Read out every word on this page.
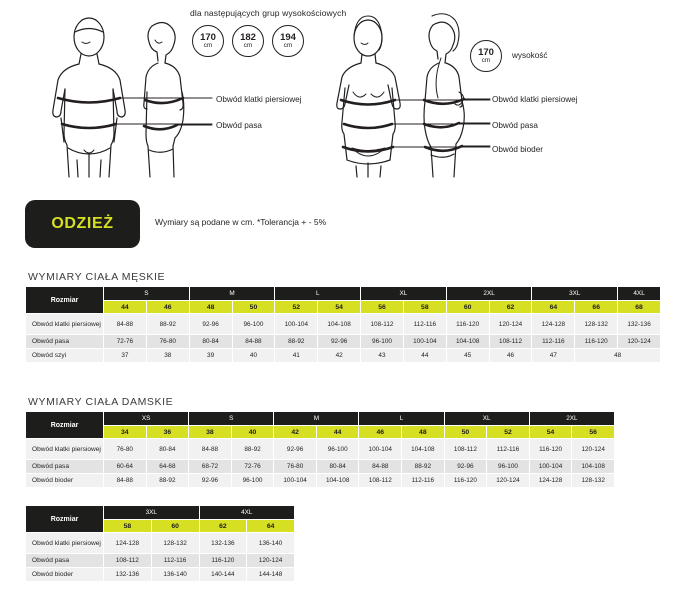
dla następujących grup wysokościowych
170
cm
182
cm
194
cm
170
cm
wysokość
Obwód klatki piersiowej
Obwód pasa
Obwód klatki piersiowej
Obwód pasa
Obwód bioder
ODZIEŻ	Wymiary są podane w cm. *Tolerancja + - 5%
WYMIARY CIAŁA MĘSKIE
WYMIARY CIAŁA DAMSKIE
Rozmiar	S		M		L		XL		2XL		3XL		4XL
	44	46	48	50	52	54	56	58	60	62	64	66	68
Obwód klatki piersiowej	84-88	88-92	92-96	96-100	100-104	104-108	108-112	112-116	116-120	120-124	124-128	128-132	132-136
Obwód pasa	72-76	76-80	80-84	84-88	88-92	92-96	96-100	100-104	104-108	108-112	112-116	116-120	120-124
Obwód szyi	37	38	39	40	41	42	43	44	45	46	47	48	
Rozmiar	XS		S		M		L		XL		2XL	
	34	36	38	40	42	44	46	48	50	52	54	56
Obwód klatki piersiowej	76-80	80-84	84-88	88-92	92-96	96-100	100-104	104-108	108-112	112-116	116-120	120-124
Obwód pasa	60-64	64-68	68-72	72-76	76-80	80-84	84-88	88-92	92-96	96-100	100-104	104-108
Obwód bioder	84-88	88-92	92-96	96-100	100-104	104-108	108-112	112-116	116-120	120-124	124-128	128-132
Rozmiar	3XL		4XL	
	58	60	62	64
Obwód klatki piersiowej	124-128	128-132	132-136	136-140
Obwód pasa	108-112	112-116	116-120	120-124
Obwód bioder	132-136	136-140	140-144	144-148
